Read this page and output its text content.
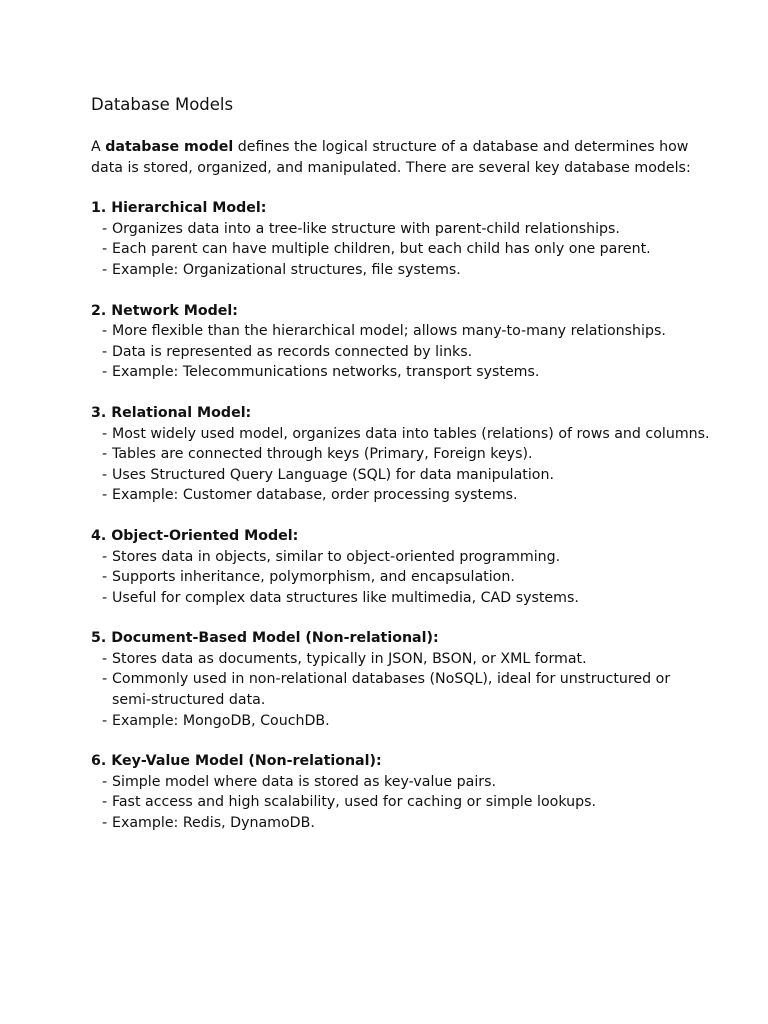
Database Models

A database model defines the logical structure of a database and determines how data is stored, organized, and manipulated. There are several key database models:

1. Hierarchical Model:

- Organizes data into a tree-like structure with parent-child relationships.
- Each parent can have multiple children, but each child has only one parent.
- Example: Organizational structures, file systems.

2. Network Model:

- More flexible than the hierarchical model; allows many-to-many relationships.
- Data is represented as records connected by links.
- Example: Telecommunications networks, transport systems.

3. Relational Model:

- Most widely used model, organizes data into tables (relations) of rows and columns.
- Tables are connected through keys (Primary, Foreign keys).
- Uses Structured Query Language (SQL) for data manipulation.
- Example: Customer database, order processing systems.

4. Object-Oriented Model:

- Stores data in objects, similar to object-oriented programming.
- Supports inheritance, polymorphism, and encapsulation.
- Useful for complex data structures like multimedia, CAD systems.

5. Document-Based Model (Non-relational):

- Stores data as documents, typically in JSON, BSON, or XML format.
- Commonly used in non-relational databases (NoSQL), ideal for unstructured or semi-structured data.
- Example: MongoDB, CouchDB.

6. Key-Value Model (Non-relational):

- Simple model where data is stored as key-value pairs.
- Fast access and high scalability, used for caching or simple lookups.
- Example: Redis, DynamoDB.
